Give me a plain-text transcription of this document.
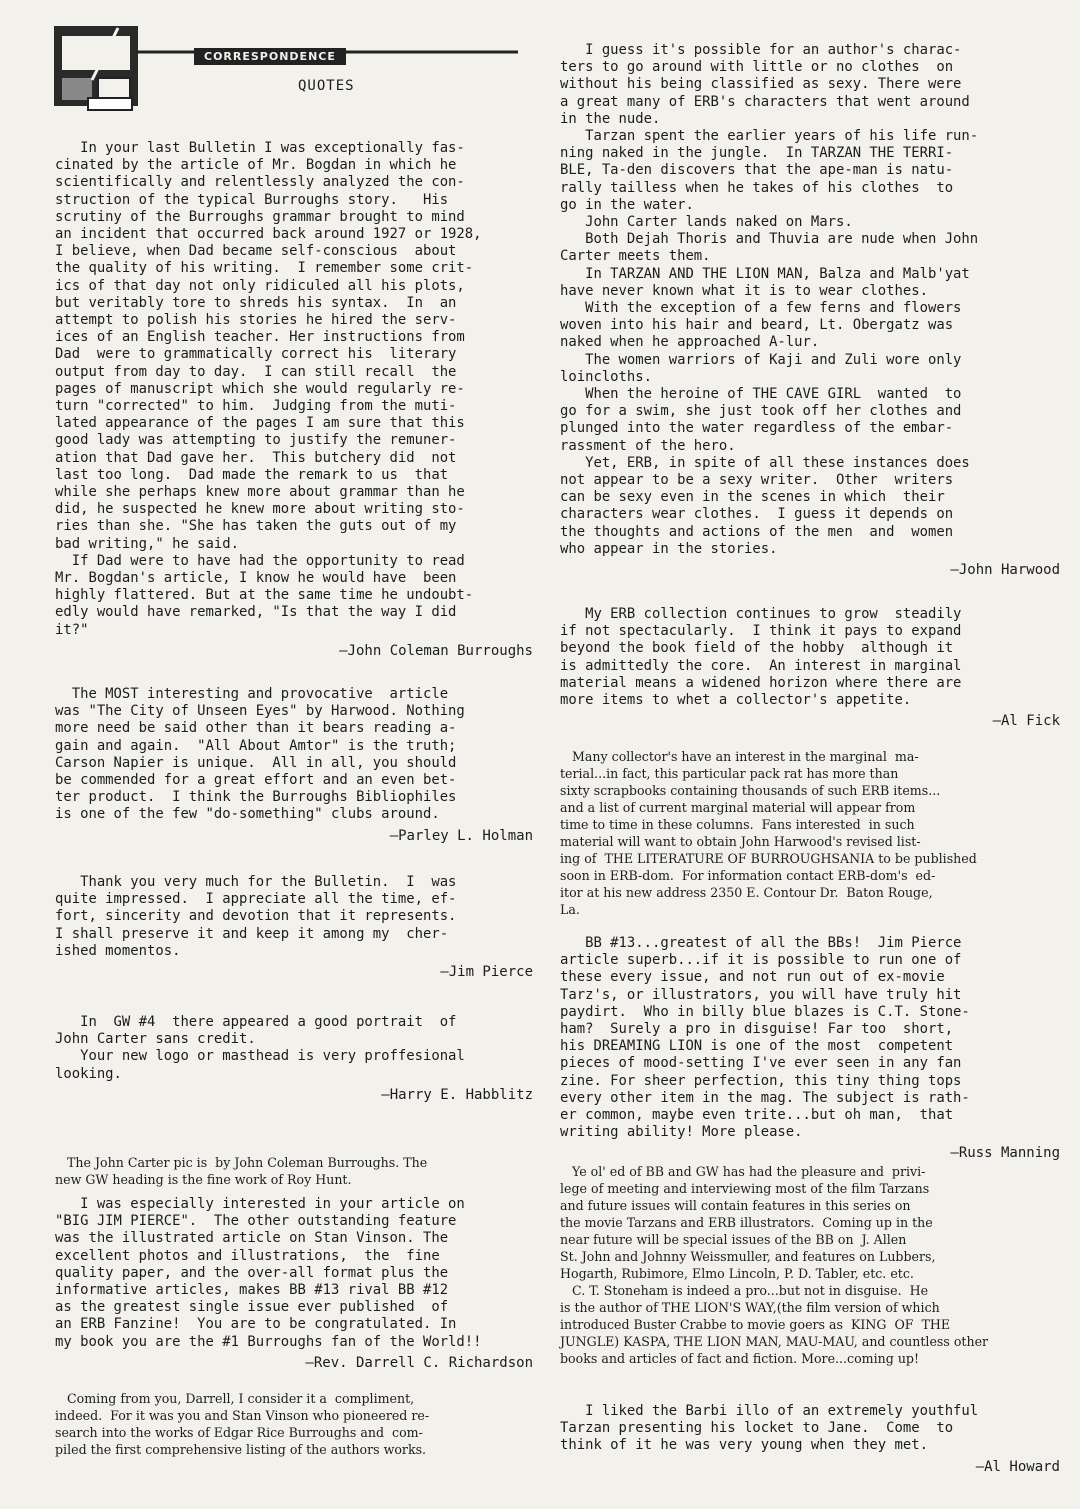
CORRESPONDENCE
QUOTES
In your last Bulletin I was exceptionally fas-
cinated by the article of Mr. Bogdan in which he
scientifically and relentlessly analyzed the con-
struction of the typical Burroughs story.   His
scrutiny of the Burroughs grammar brought to mind
an incident that occurred back around 1927 or 1928,
I believe, when Dad became self-conscious  about
the quality of his writing.  I remember some crit-
ics of that day not only ridiculed all his plots,
but veritably tore to shreds his syntax.  In  an
attempt to polish his stories he hired the serv-
ices of an English teacher. Her instructions from
Dad  were to grammatically correct his  literary
output from day to day.  I can still recall  the
pages of manuscript which she would regularly re-
turn "corrected" to him.  Judging from the muti-
lated appearance of the pages I am sure that this
good lady was attempting to justify the remuner-
ation that Dad gave her.  This butchery did  not
last too long.  Dad made the remark to us  that
while she perhaps knew more about grammar than he
did, he suspected he knew more about writing sto-
ries than she. "She has taken the guts out of my
bad writing," he said.
If Dad were to have had the opportunity to read
Mr. Bogdan's article, I know he would have  been
highly flattered. But at the same time he undoubt-
edly would have remarked, "Is that the way I did
it?"
—John Coleman Burroughs
The MOST interesting and provocative  article
was "The City of Unseen Eyes" by Harwood. Nothing
more need be said other than it bears reading a-
gain and again.  "All About Amtor" is the truth;
Carson Napier is unique.  All in all, you should
be commended for a great effort and an even bet-
ter product.  I think the Burroughs Bibliophiles
is one of the few "do-something" clubs around.
—Parley L. Holman
Thank you very much for the Bulletin.  I  was
quite impressed.  I appreciate all the time, ef-
fort, sincerity and devotion that it represents.
I shall preserve it and keep it among my  cher-
ished momentos.
—Jim Pierce
In  GW #4  there appeared a good portrait  of
John Carter sans credit.
Your new logo or masthead is very proffesional
looking.
—Harry E. Habblitz
The John Carter pic is  by John Coleman Burroughs. The
new GW heading is the fine work of Roy Hunt.
I was especially interested in your article on
"BIG JIM PIERCE".  The other outstanding feature
was the illustrated article on Stan Vinson. The
excellent photos and illustrations,  the  fine
quality paper, and the over-all format plus the
informative articles, makes BB #13 rival BB #12
as the greatest single issue ever published  of
an ERB Fanzine!  You are to be congratulated. In
my book you are the #1 Burroughs fan of the World!!
—Rev. Darrell C. Richardson
Coming from you, Darrell, I consider it a  compliment,
indeed.  For it was you and Stan Vinson who pioneered re-
search into the works of Edgar Rice Burroughs and  com-
piled the first comprehensive listing of the authors works.
I guess it's possible for an author's charac-
ters to go around with little or no clothes  on
without his being classified as sexy. There were
a great many of ERB's characters that went around
in the nude.
Tarzan spent the earlier years of his life run-
ning naked in the jungle.  In TARZAN THE TERRI-
BLE, Ta-den discovers that the ape-man is natu-
rally tailless when he takes of his clothes  to
go in the water.
John Carter lands naked on Mars.
Both Dejah Thoris and Thuvia are nude when John
Carter meets them.
In TARZAN AND THE LION MAN, Balza and Malb'yat
have never known what it is to wear clothes.
With the exception of a few ferns and flowers
woven into his hair and beard, Lt. Obergatz was
naked when he approached A-lur.
The women warriors of Kaji and Zuli wore only
loincloths.
When the heroine of THE CAVE GIRL  wanted  to
go for a swim, she just took off her clothes and
plunged into the water regardless of the embar-
rassment of the hero.
Yet, ERB, in spite of all these instances does
not appear to be a sexy writer.  Other  writers
can be sexy even in the scenes in which  their
characters wear clothes.  I guess it depends on
the thoughts and actions of the men  and  women
who appear in the stories.
—John Harwood
My ERB collection continues to grow  steadily
if not spectacularly.  I think it pays to expand
beyond the book field of the hobby  although it
is admittedly the core.  An interest in marginal
material means a widened horizon where there are
more items to whet a collector's appetite.
—Al Fick
Many collector's have an interest in the marginal  ma-
terial...in fact, this particular pack rat has more than
sixty scrapbooks containing thousands of such ERB items...
and a list of current marginal material will appear from
time to time in these columns.  Fans interested  in such
material will want to obtain John Harwood's revised list-
ing of  THE LITERATURE OF BURROUGHSANIA to be published
soon in ERB-dom.  For information contact ERB-dom's  ed-
itor at his new address 2350 E. Contour Dr.  Baton Rouge,
La.
BB #13...greatest of all the BBs!  Jim Pierce
article superb...if it is possible to run one of
these every issue, and not run out of ex-movie
Tarz's, or illustrators, you will have truly hit
paydirt.  Who in billy blue blazes is C.T. Stone-
ham?  Surely a pro in disguise! Far too  short,
his DREAMING LION is one of the most  competent
pieces of mood-setting I've ever seen in any fan
zine. For sheer perfection, this tiny thing tops
every other item in the mag. The subject is rath-
er common, maybe even trite...but oh man,  that
writing ability! More please.
—Russ Manning
Ye ol' ed of BB and GW has had the pleasure and  privi-
lege of meeting and interviewing most of the film Tarzans
and future issues will contain features in this series on
the movie Tarzans and ERB illustrators.  Coming up in the
near future will be special issues of the BB on  J. Allen
St. John and Johnny Weissmuller, and features on Lubbers,
Hogarth, Rubimore, Elmo Lincoln, P. D. Tabler, etc. etc.
C. T. Stoneham is indeed a pro...but not in disguise.  He
is the author of THE LION'S WAY,(the film version of which
introduced Buster Crabbe to movie goers as  KING  OF  THE
JUNGLE) KASPA, THE LION MAN, MAU-MAU, and countless other
books and articles of fact and fiction. More...coming up!
I liked the Barbi illo of an extremely youthful
Tarzan presenting his locket to Jane.  Come  to
think of it he was very young when they met.
—Al Howard
